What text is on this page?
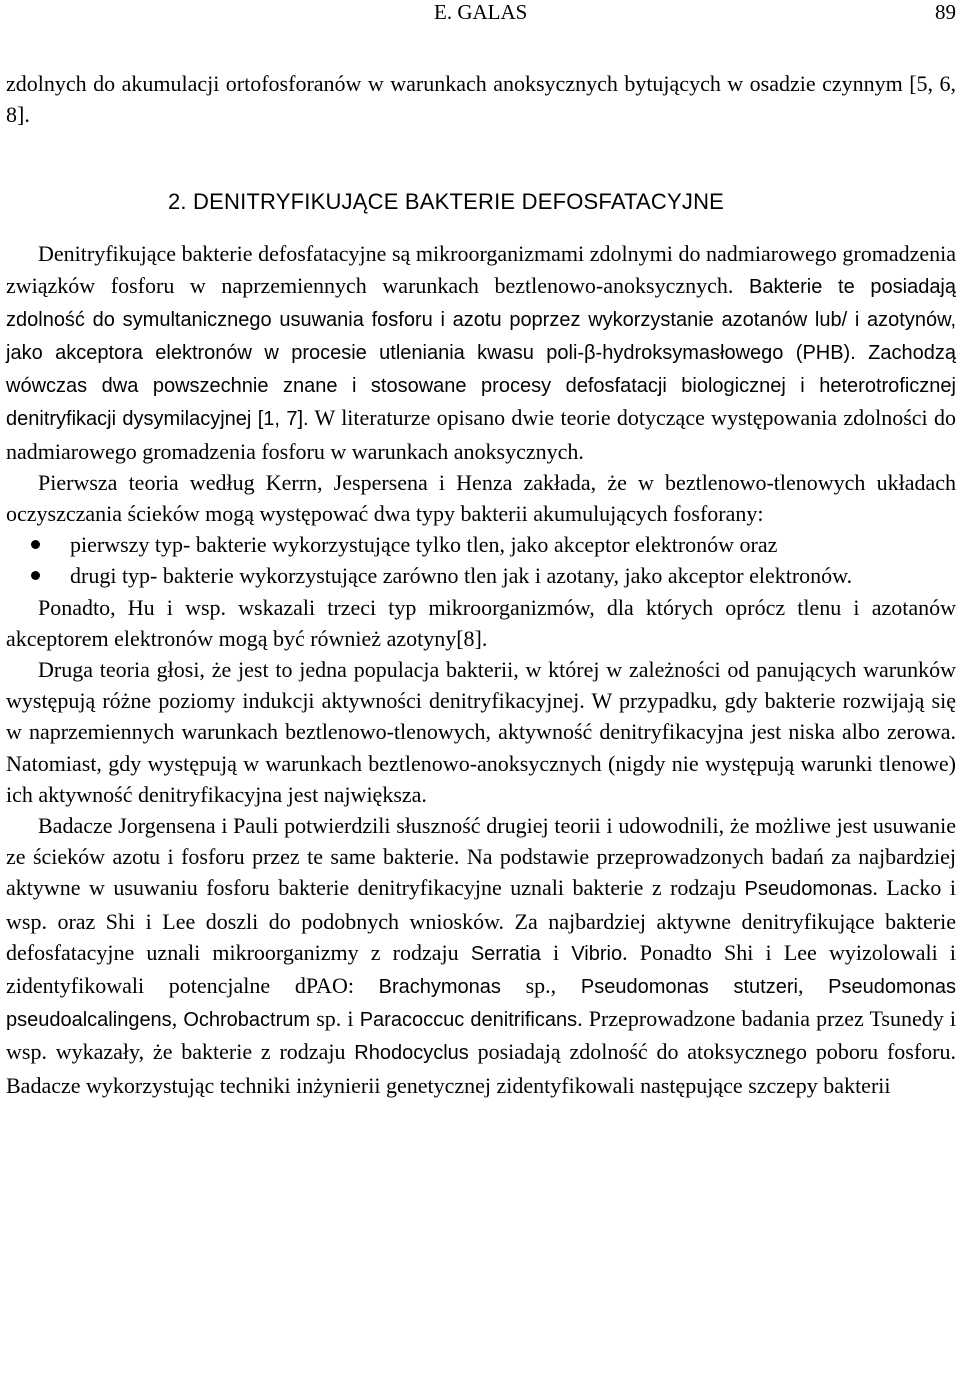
E. GALAS	89

zdolnych do akumulacji ortofosforanów w warunkach anoksycznych bytujących w osadzie czynnym [5, 6, 8].

2. DENITRYFIKUJĄCE BAKTERIE DEFOSFATACYJNE

Denitryfikujące bakterie defosfatacyjne są mikroorganizmami zdolnymi do nadmiarowego gromadzenia związków fosforu w naprzemiennych warunkach beztlenowo-anoksycznych. Bakterie te posiadają zdolność do symultanicznego usuwania fosforu i azotu poprzez wykorzystanie azotanów lub/ i azotynów, jako akceptora elektronów w procesie utleniania kwasu poli-β-hydroksymasłowego (PHB). Zachodzą wówczas dwa powszechnie znane i stosowane procesy defosfatacji biologicznej i heterotroficznej denitryfikacji dysymilacyjnej [1, 7]. W literaturze opisano dwie teorie dotyczące występowania zdolności do nadmiarowego gromadzenia fosforu w warunkach anoksycznych.

Pierwsza teoria według Kerrn, Jespersena i Henza zakłada, że w beztlenowo-tlenowych układach oczyszczania ścieków mogą występować dwa typy bakterii akumulujących fosforany:

pierwszy typ- bakterie wykorzystujące tylko tlen, jako akceptor elektronów oraz
drugi typ- bakterie wykorzystujące zarówno tlen jak i azotany, jako akceptor elektronów.

Ponadto, Hu i wsp. wskazali trzeci typ mikroorganizmów, dla których oprócz tlenu i azotanów akceptorem elektronów mogą być również azotyny[8].

Druga teoria głosi, że jest to jedna populacja bakterii, w której w zależności od panujących warunków występują różne poziomy indukcji aktywności denitryfikacyjnej. W przypadku, gdy bakterie rozwijają się w naprzemiennych warunkach beztlenowo-tlenowych, aktywność denitryfikacyjna jest niska albo zerowa. Natomiast, gdy występują w warunkach beztlenowo-anoksycznych (nigdy nie występują warunki tlenowe) ich aktywność denitryfikacyjna jest największa.

Badacze Jorgensena i Pauli potwierdzili słuszność drugiej teorii i udowodnili, że możliwe jest usuwanie ze ścieków azotu i fosforu przez te same bakterie. Na podstawie przeprowadzonych badań za najbardziej aktywne w usuwaniu fosforu bakterie denitryfikacyjne uznali bakterie z rodzaju Pseudomonas. Lacko i wsp. oraz Shi i Lee doszli do podobnych wniosków. Za najbardziej aktywne denitryfikujące bakterie defosfatacyjne uznali mikroorganizmy z rodzaju Serratia i Vibrio. Ponadto Shi i Lee wyizolowali i zidentyfikowali potencjalne dPAO: Brachymonas sp., Pseudomonas stutzeri, Pseudomonas pseudoalcalingens, Ochrobactrum sp. i Paracoccuc denitrificans. Przeprowadzone badania przez Tsunedy i wsp. wykazały, że bakterie z rodzaju Rhodocyclus posiadają zdolność do atoksycznego poboru fosforu. Badacze wykorzystując techniki inżynierii genetycznej zidentyfikowali następujące szczepy bakterii
